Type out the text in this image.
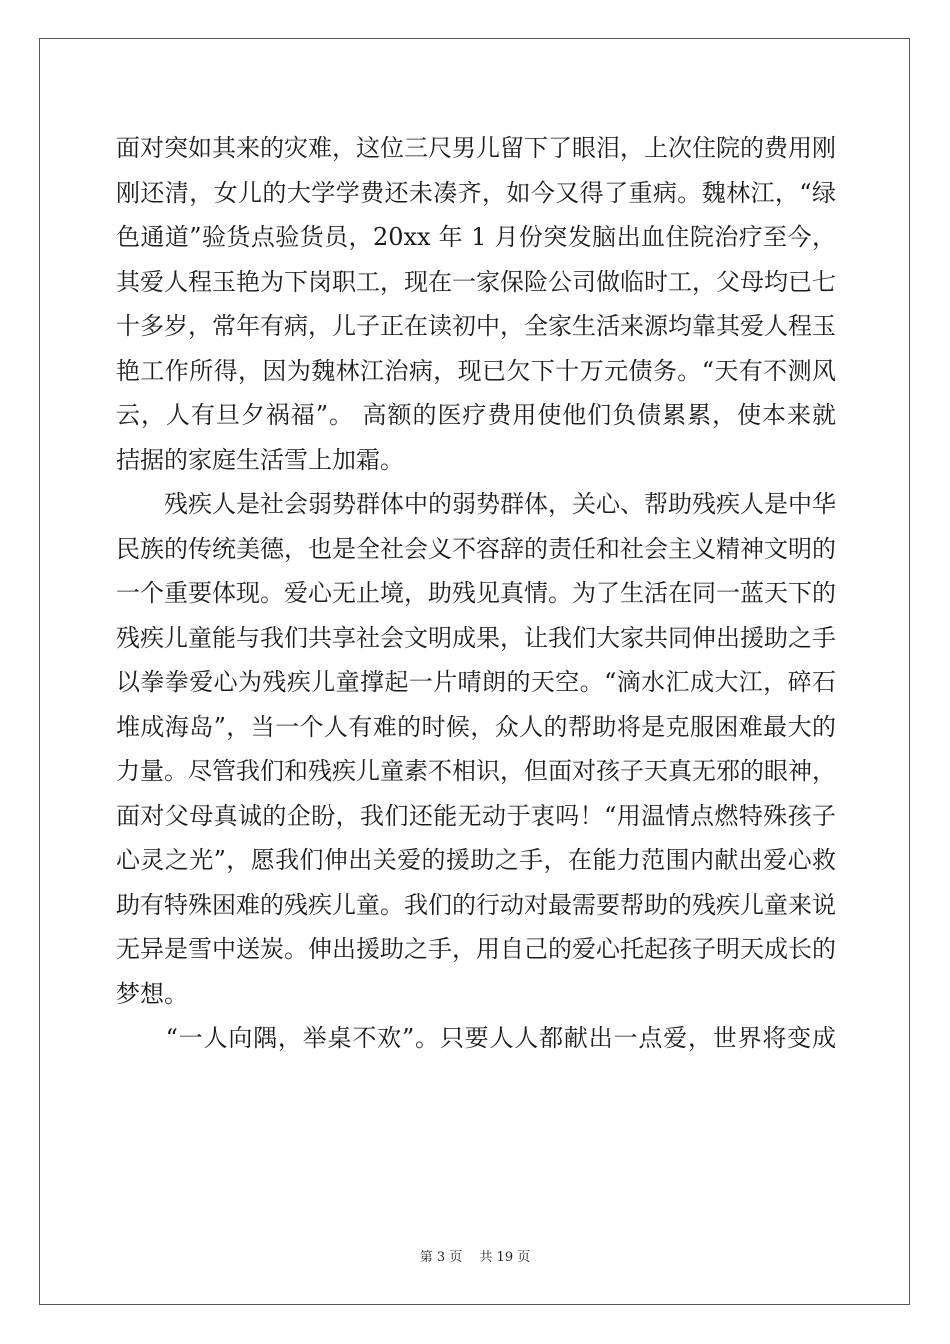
面对突如其来的灾难，这位三尺男儿留下了眼泪，上次住院的费用刚
刚还清，女儿的大学学费还未凑齐，如今又得了重病。魏林江，“绿
色通道”验货点验货员，20xx 年 1 月份突发脑出血住院治疗至今，
其爱人程玉艳为下岗职工，现在一家保险公司做临时工，父母均已七
十多岁，常年有病，儿子正在读初中，全家生活来源均靠其爱人程玉
艳工作所得，因为魏林江治病，现已欠下十万元债务。“天有不测风
云，人有旦夕祸福”。 高额的医疗费用使他们负债累累，使本来就
拮据的家庭生活雪上加霜。
　　残疾人是社会弱势群体中的弱势群体，关心、帮助残疾人是中华
民族的传统美德，也是全社会义不容辞的责任和社会主义精神文明的
一个重要体现。爱心无止境，助残见真情。为了生活在同一蓝天下的
残疾儿童能与我们共享社会文明成果，让我们大家共同伸出援助之手
以拳拳爱心为残疾儿童撑起一片晴朗的天空。“滴水汇成大江，碎石
堆成海岛”，当一个人有难的时候，众人的帮助将是克服困难最大的
力量。尽管我们和残疾儿童素不相识，但面对孩子天真无邪的眼神，
面对父母真诚的企盼，我们还能无动于衷吗！“用温情点燃特殊孩子
心灵之光”，愿我们伸出关爱的援助之手，在能力范围内献出爱心救
助有特殊困难的残疾儿童。我们的行动对最需要帮助的残疾儿童来说
无异是雪中送炭。伸出援助之手，用自己的爱心托起孩子明天成长的
梦想。
　　“一人向隅，举桌不欢”。只要人人都献出一点爱，世界将变成
第 3 页　 共 19 页
